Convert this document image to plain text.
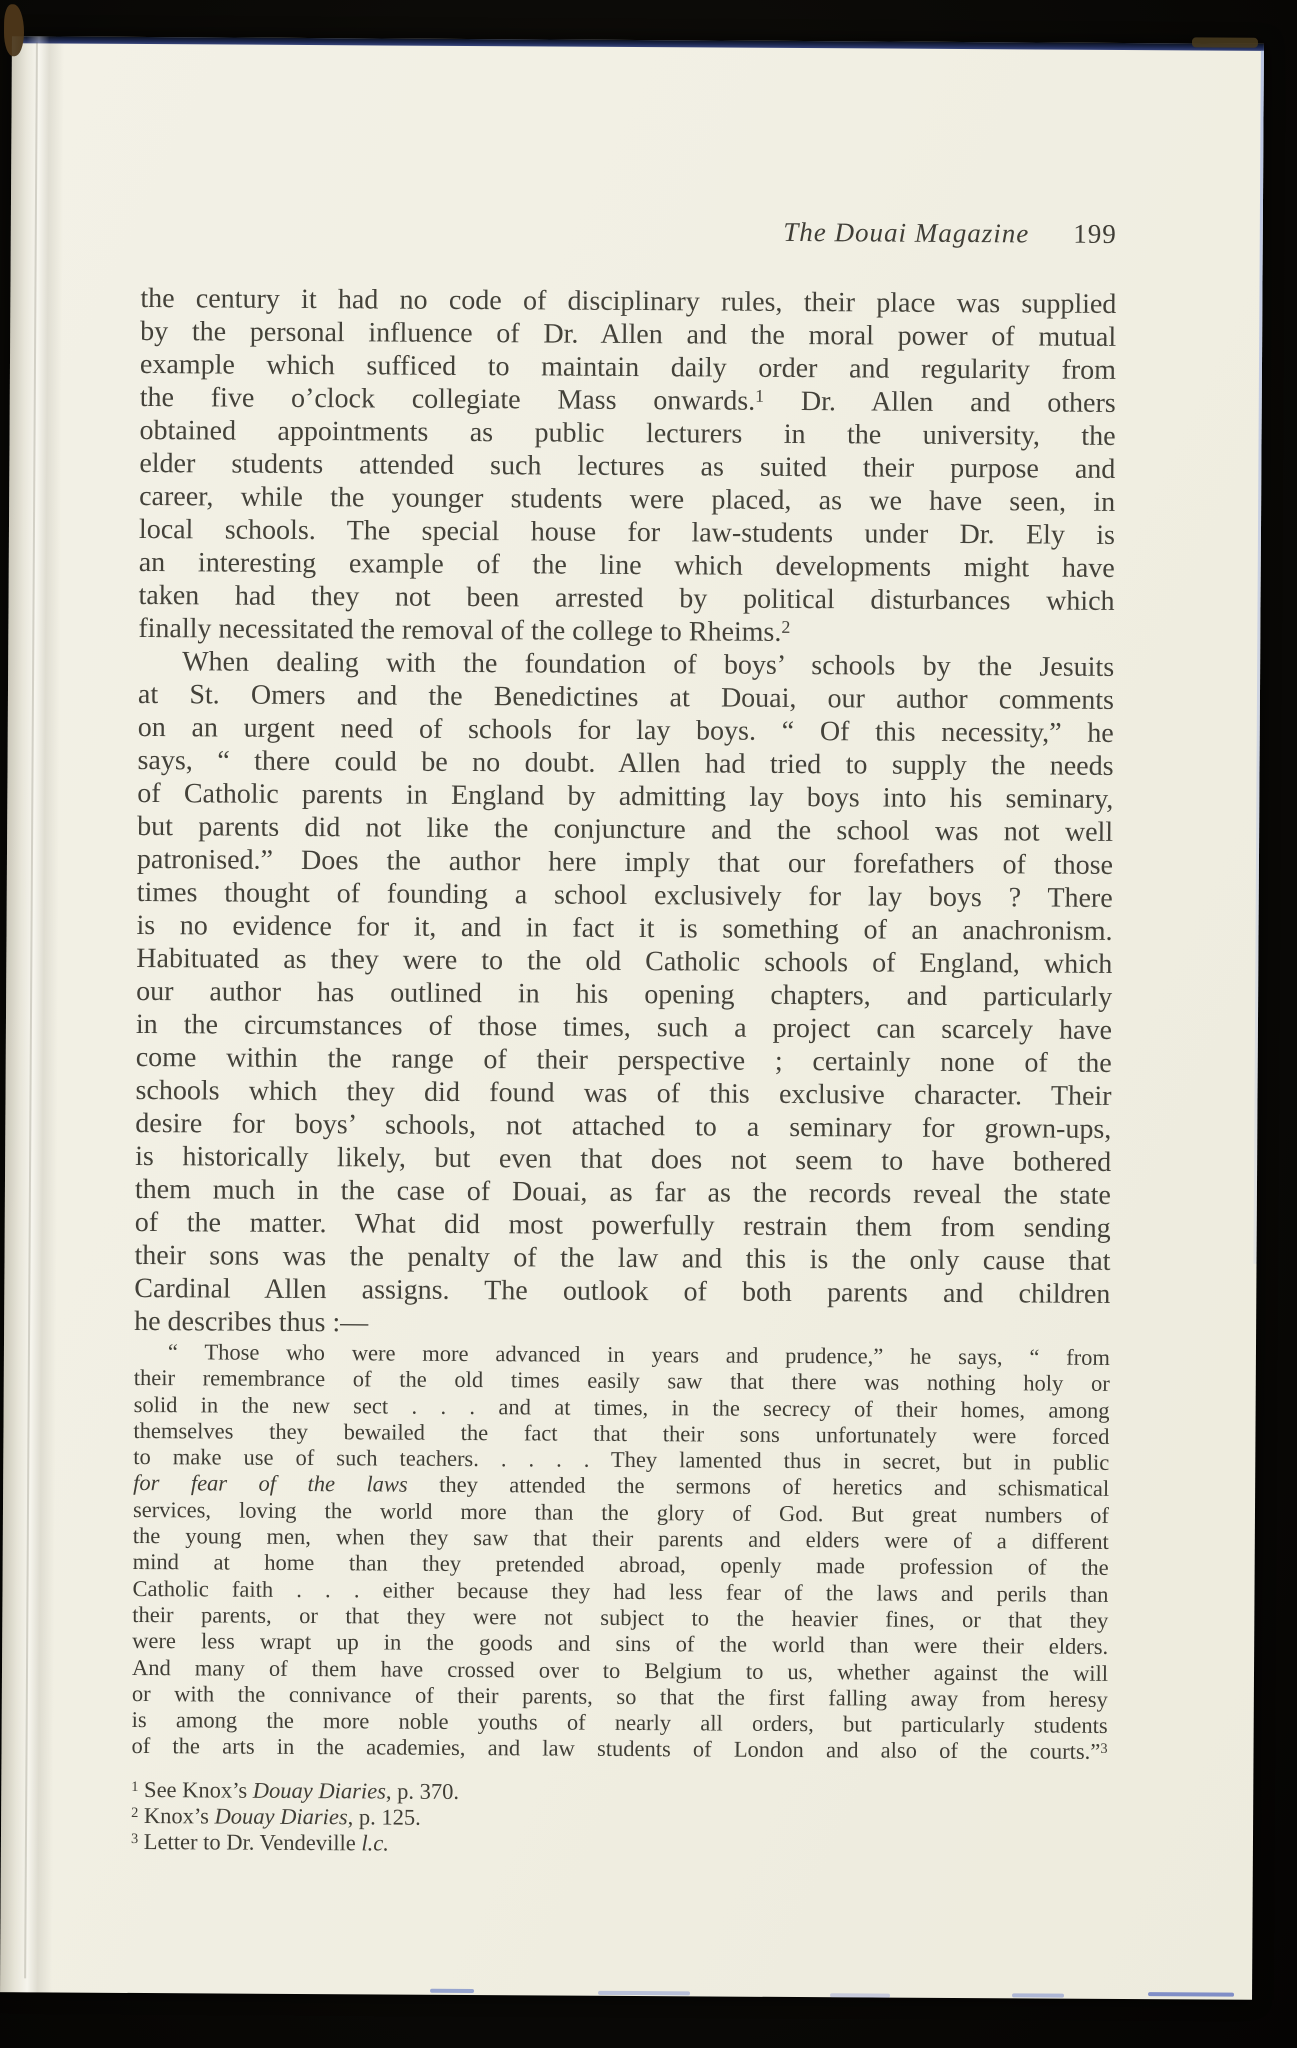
The Douai Magazine 199
the century it had no code of disciplinary rules, their place was supplied
by the personal influence of Dr. Allen and the moral power of mutual
example which sufficed to maintain daily order and regularity from
the five o’clock collegiate Mass onwards.$^1$ Dr. Allen and others
obtained appointments as public lecturers in the university, the
elder students attended such lectures as suited their purpose and
career, while the younger students were placed, as we have seen, in
local schools. The special house for law-students under Dr. Ely is
an interesting example of the line which developments might have
taken had they not been arrested by political disturbances which
finally necessitated the removal of the college to Rheims.$^2$
When dealing with the foundation of boys’ schools by the Jesuits
at St. Omers and the Benedictines at Douai, our author comments
on an urgent need of schools for lay boys. “ Of this necessity,” he
says, “ there could be no doubt. Allen had tried to supply the needs
of Catholic parents in England by admitting lay boys into his seminary,
but parents did not like the conjuncture and the school was not well
patronised.” Does the author here imply that our forefathers of those
times thought of founding a school exclusively for lay boys ? There
is no evidence for it, and in fact it is something of an anachronism.
Habituated as they were to the old Catholic schools of England, which
our author has outlined in his opening chapters, and particularly
in the circumstances of those times, such a project can scarcely have
come within the range of their perspective ; certainly none of the
schools which they did found was of this exclusive character. Their
desire for boys’ schools, not attached to a seminary for grown-ups,
is historically likely, but even that does not seem to have bothered
them much in the case of Douai, as far as the records reveal the state
of the matter. What did most powerfully restrain them from sending
their sons was the penalty of the law and this is the only cause that
Cardinal Allen assigns. The outlook of both parents and children
he describes thus :—
“ Those who were more advanced in years and prudence,” he says, “ from
their remembrance of the old times easily saw that there was nothing holy or
solid in the new sect . . . and at times, in the secrecy of their homes, among
themselves they bewailed the fact that their sons unfortunately were forced
to make use of such teachers. . . . . They lamented thus in secret, but in public
for fear of the laws they attended the sermons of heretics and schismatical
services, loving the world more than the glory of God. But great numbers of
the young men, when they saw that their parents and elders were of a different
mind at home than they pretended abroad, openly made profession of the
Catholic faith . . . either because they had less fear of the laws and perils than
their parents, or that they were not subject to the heavier fines, or that they
were less wrapt up in the goods and sins of the world than were their elders.
And many of them have crossed over to Belgium to us, whether against the will
or with the connivance of their parents, so that the first falling away from heresy
is among the more noble youths of nearly all orders, but particularly students
of the arts in the academies, and law students of London and also of the courts.”$^3$
$^1$ See Knox’s Douay Diaries, p. 370.
$^2$ Knox’s Douay Diaries, p. 125.
$^3$ Letter to Dr. Vendeville l.c.
